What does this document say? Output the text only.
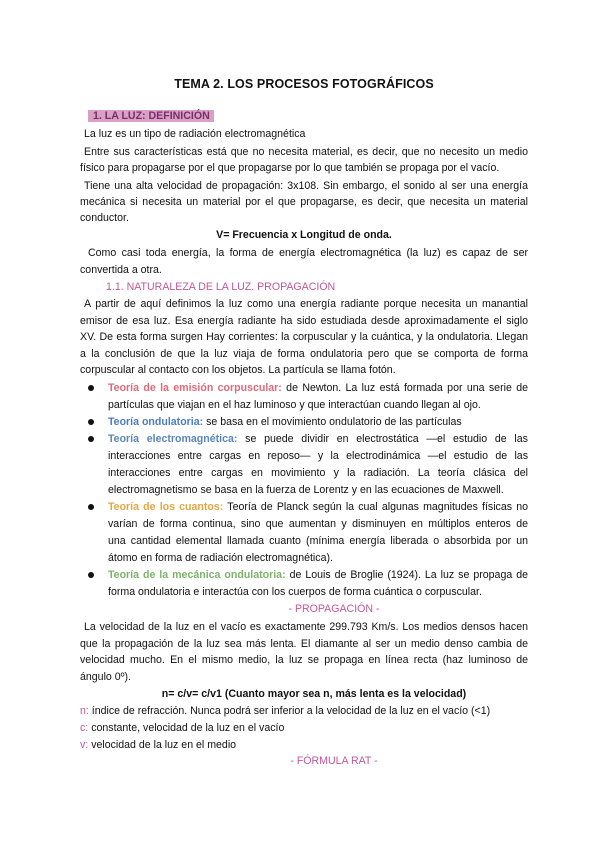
TEMA 2. LOS PROCESOS FOTOGRÁFICOS
1. LA LUZ: DEFINICIÓN
La luz es un tipo de radiación electromagnética
Entre sus características está que no necesita material, es decir, que no necesito un medio
físico para propagarse por el que propagarse por lo que también se propaga por el vacío.
Tiene una alta velocidad de propagación: 3x108. Sin embargo, el sonido al ser una energía
mecánica si necesita un material por el que propagarse, es decir, que necesita un material
conductor.
V= Frecuencia x Longitud de onda.
Como casi toda energía, la forma de energía electromagnética (la luz) es capaz de ser
convertida a otra.
1.1. NATURALEZA DE LA LUZ. PROPAGACIÓN
A partir de aquí definimos la luz como una energía radiante porque necesita un manantial
emisor de esa luz. Esa energía radiante ha sido estudiada desde aproximadamente el siglo
XV. De esta forma surgen Hay corrientes: la corpuscular y la cuántica, y la ondulatoria. Llegan
a la conclusión de que la luz viaja de forma ondulatoria pero que se comporta de forma
corpuscular al contacto con los objetos. La partícula se llama fotón.
Teoría de la emisión corpuscular: de Newton. La luz está formada por una serie de
partículas que viajan en el haz luminoso y que interactúan cuando llegan al ojo.
Teoría ondulatoria: se basa en el movimiento ondulatorio de las partículas
Teoría electromagnética: se puede dividir en electrostática —el estudio de las
interacciones entre cargas en reposo— y la electrodinámica —el estudio de las
interacciones entre cargas en movimiento y la radiación. La teoría clásica del
electromagnetismo se basa en la fuerza de Lorentz y en las ecuaciones de Maxwell.
Teoría de los cuantos: Teoría de Planck según la cual algunas magnitudes físicas no
varían de forma continua, sino que aumentan y disminuyen en múltiplos enteros de
una cantidad elemental llamada cuanto (mínima energía liberada o absorbida por un
átomo en forma de radiación electromagnética).
Teoría de la mecánica ondulatoria: de Louis de Broglie (1924). La luz se propaga de
forma ondulatoria e interactúa con los cuerpos de forma cuántica o corpuscular.
- PROPAGACIÓN -
La velocidad de la luz en el vacío es exactamente 299.793 Km/s. Los medios densos hacen
que la propagación de la luz sea más lenta. El diamante al ser un medio denso cambia de
velocidad mucho. En el mismo medio, la luz se propaga en línea recta (haz luminoso de
ángulo 0º).
n= c/v= c/v1 (Cuanto mayor sea n, más lenta es la velocidad)
n: índice de refracción. Nunca podrá ser inferior a la velocidad de la luz en el vacío (<1)
c: constante, velocidad de la luz en el vacío
v: velocidad de la luz en el medio
- FÓRMULA RAT -
